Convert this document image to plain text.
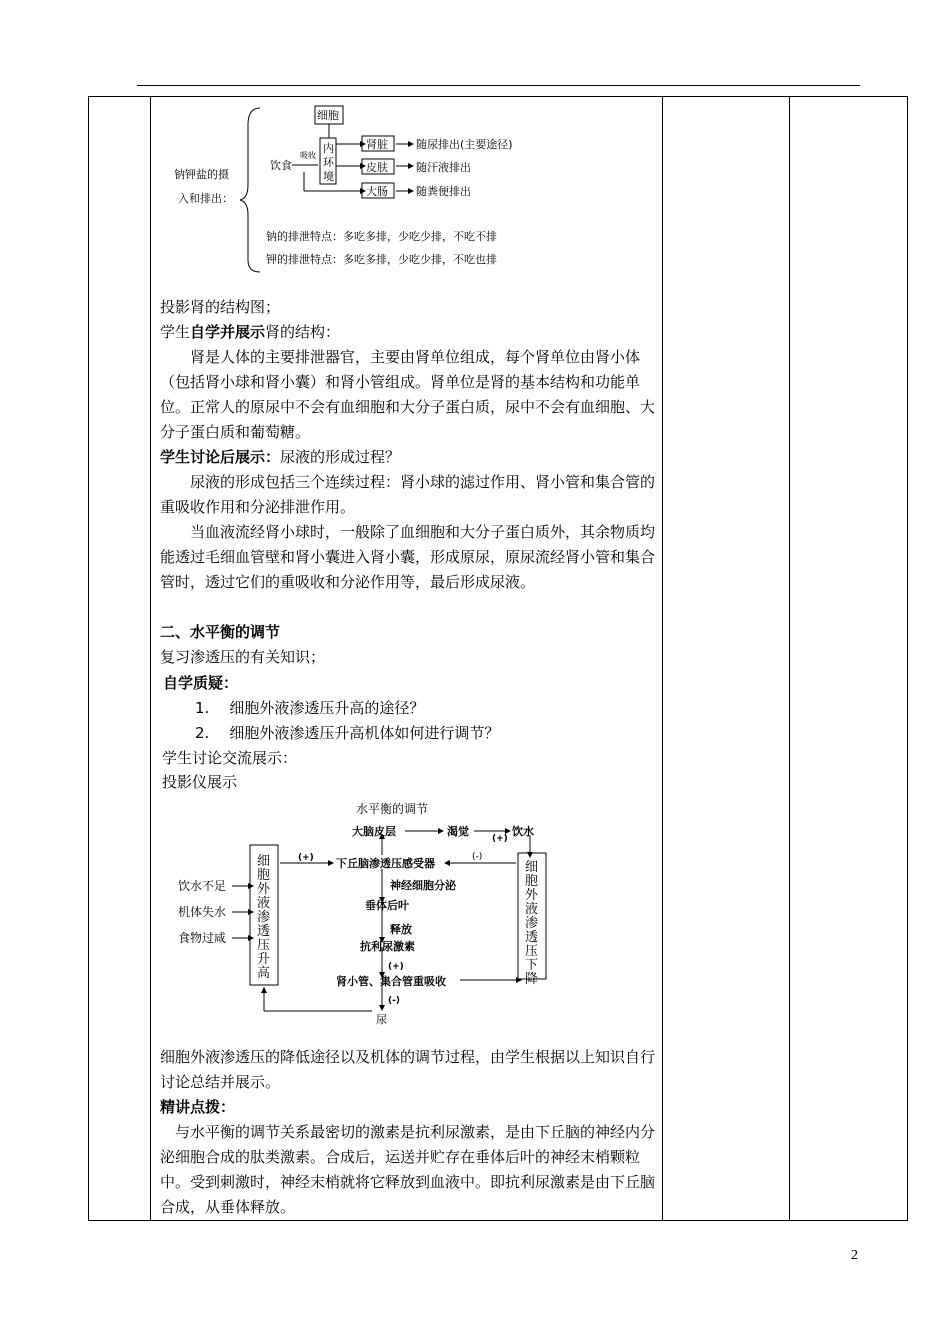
钠钾盐的摄
入和排出：
细胞
饮食
吸收
内
环
境
肾脏
皮肤
大肠
随尿排出(主要途径)
随汗液排出
随粪便排出
钠的排泄特点：多吃多排，少吃少排，不吃不排
钾的排泄特点：多吃多排，少吃少排，不吃也排
投影肾的结构图；
学生自学并展示肾的结构：
肾是人体的主要排泄器官，主要由肾单位组成，每个肾单位由肾小体（包括肾小球和肾小囊）和肾小管组成。肾单位是肾的基本结构和功能单位。正常人的原尿中不会有血细胞和大分子蛋白质，尿中不会有血细胞、大分子蛋白质和葡萄糖。
学生讨论后展示：尿液的形成过程？
尿液的形成包括三个连续过程：肾小球的滤过作用、肾小管和集合管的重吸收作用和分泌排泄作用。
当血液流经肾小球时，一般除了血细胞和大分子蛋白质外，其余物质均能透过毛细血管壁和肾小囊进入肾小囊，形成原尿，原尿流经肾小管和集合管时，透过它们的重吸收和分泌作用等，最后形成尿液。
二、水平衡的调节
复习渗透压的有关知识；
自学质疑：
1. 细胞外液渗透压升高的途径？
2. 细胞外液渗透压升高机体如何进行调节？
学生讨论交流展示：
投影仪展示
水平衡的调节
细
胞
外
液
渗
透
压
升
高
细
胞
外
液
渗
透
压
下
降
饮水不足
机体失水
食物过咸
大脑皮层	渴觉	饮水
(+)
(+)	(-)
下丘脑渗透压感受器
神经细胞分泌
垂体后叶
释放
抗利尿激素
(+)
肾小管、集合管重吸收
(-)
尿
细胞外液渗透压的降低途径以及机体的调节过程，由学生根据以上知识自行讨论总结并展示。
精讲点拨：
与水平衡的调节关系最密切的激素是抗利尿激素，是由下丘脑的神经内分泌细胞合成的肽类激素。合成后，运送并贮存在垂体后叶的神经末梢颗粒中。受到刺激时，神经末梢就将它释放到血液中。即抗利尿激素是由下丘脑合成，从垂体释放。
2
